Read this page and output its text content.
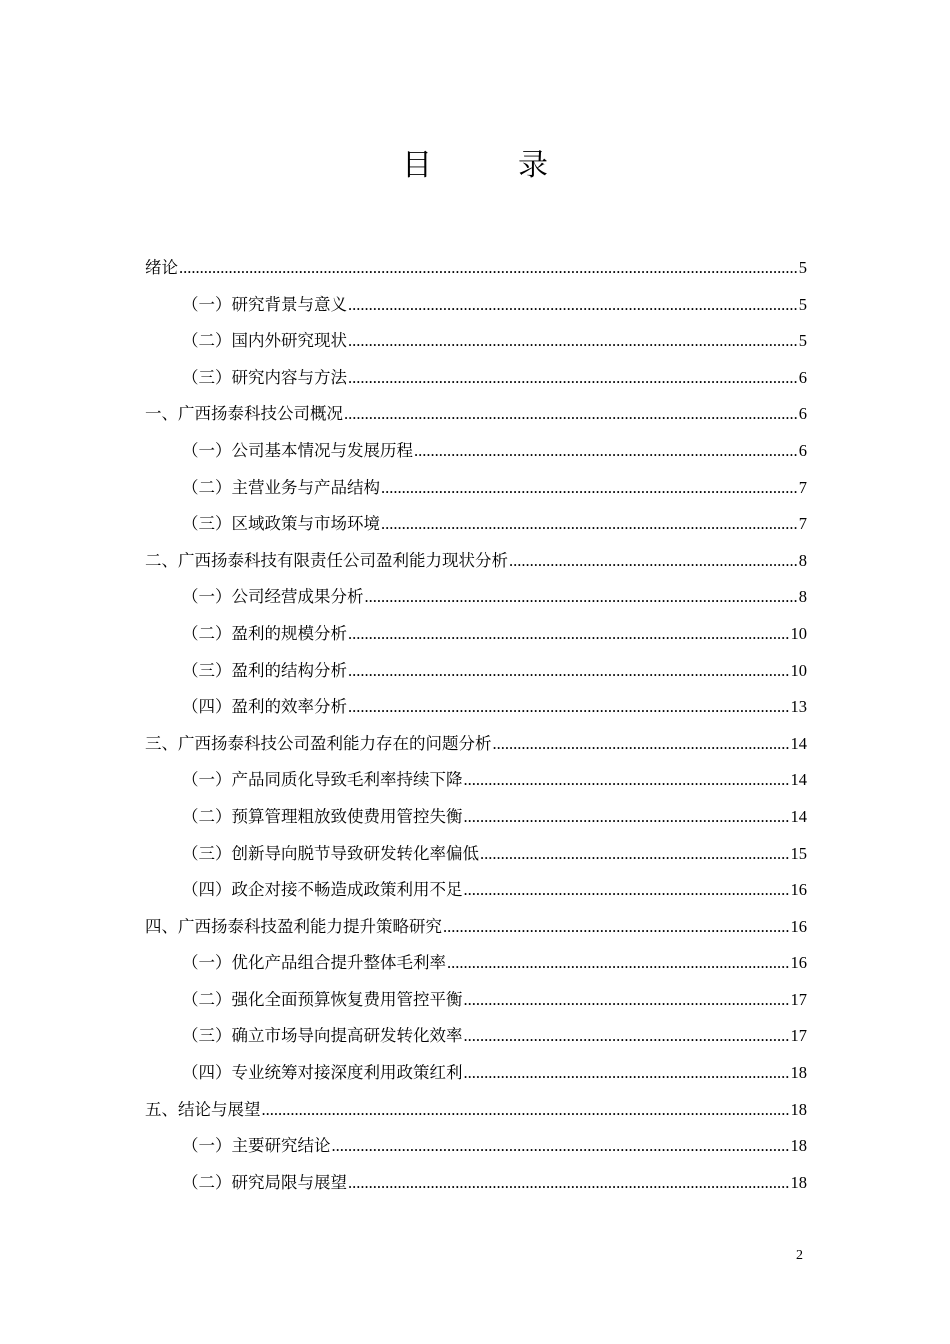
目　录
绪论 .....	5
（一）研究背景与意义 .....	5
（二）国内外研究现状 .....	5
（三）研究内容与方法 .....	6
一、广西扬泰科技公司概况 .....	6
（一）公司基本情况与发展历程 .....	6
（二）主营业务与产品结构 .....	7
（三）区域政策与市场环境 .....	7
二、广西扬泰科技有限责任公司盈利能力现状分析 .....	8
（一）公司经营成果分析 .....	8
（二）盈利的规模分析 .....	10
（三）盈利的结构分析 .....	10
（四）盈利的效率分析 .....	13
三、广西扬泰科技公司盈利能力存在的问题分析 .....	14
（一）产品同质化导致毛利率持续下降 .....	14
（二）预算管理粗放致使费用管控失衡 .....	14
（三）创新导向脱节导致研发转化率偏低 .....	15
（四）政企对接不畅造成政策利用不足 .....	16
四、广西扬泰科技盈利能力提升策略研究 .....	16
（一）优化产品组合提升整体毛利率 .....	16
（二）强化全面预算恢复费用管控平衡 .....	17
（三）确立市场导向提高研发转化效率 .....	17
（四）专业统筹对接深度利用政策红利 .....	18
五、结论与展望 .....	18
（一）主要研究结论 .....	18
（二）研究局限与展望 .....	18
2
